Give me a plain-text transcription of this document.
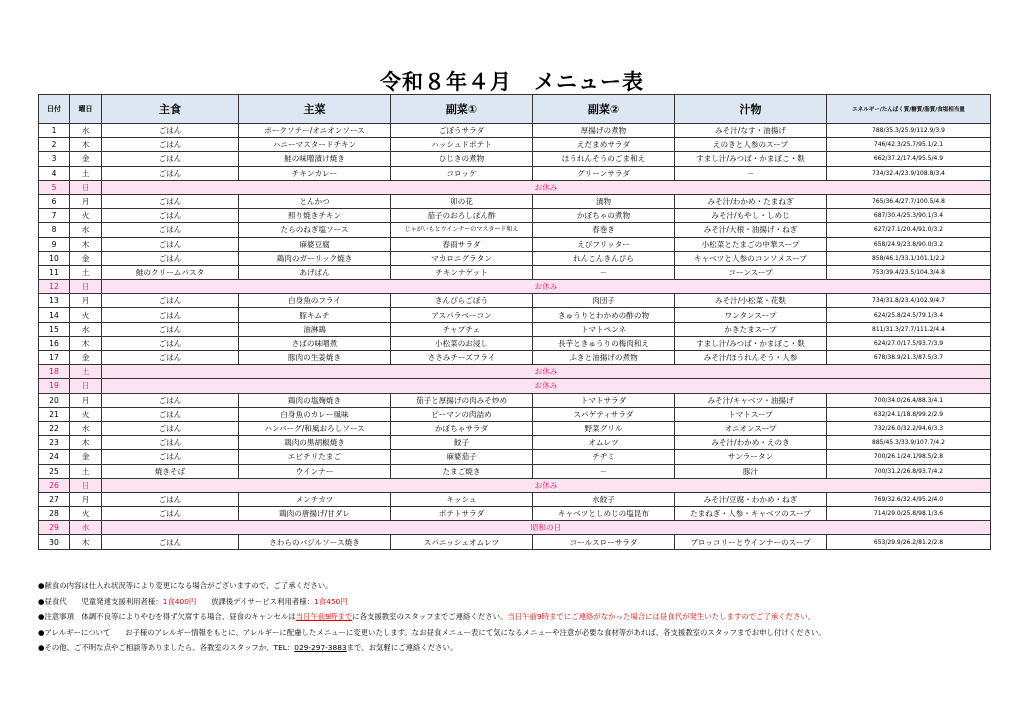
令和８年４月　メニュー表
日付	曜日	主食	主菜	副菜①	副菜②	汁物	エネルギー/たんぱく質/糖質/脂質/食塩相当量
1	水	ごはん	ポークソテー/オニオンソース	ごぼうサラダ	厚揚げの煮物	みそ汁/なす・油揚げ	788/35.3/25.9/112.9/3.9
2	木	ごはん	ハニーマスタードチキン	ハッシュドポテト	えだまめサラダ	えのきと人参のスープ	746/42.3/25.7/95.1/2.1
3	金	ごはん	鮭の味噌漬け焼き	ひじきの煮物	ほうれんそうのごま和え	すまし汁/みつば・かまぼこ・麩	662/37.2/17.4/95.5/4.9
4	土	ごはん	チキンカレー	コロッケ	グリーンサラダ	－	734/32.4/23.9/108.8/3.4
5	日	お休み					
6	月	ごはん	とんかつ	卯の花	漬物	みそ汁/わかめ・たまねぎ	765/36.4/27.7/100.5/4.8
7	火	ごはん	照り焼きチキン	茄子のおろしぽん酢	かぼちゃの煮物	みそ汁/もやし・しめじ	687/30.4/25.3/90.1/3.4
8	水	ごはん	たらのねぎ塩ソース	じゃがいもとウインナーのマスタード和え	春巻き	みそ汁/大根・油揚げ・ねぎ	627/27.1/20.4/91.0/3.2
9	木	ごはん	麻婆豆腐	春雨サラダ	えびフリッター	小松菜とたまごの中華スープ	658/24.9/23.8/90.0/3.2
10	金	ごはん	鶏肉のガーリック焼き	マカロニグラタン	れんこんきんぴら	キャベツと人参のコンソメスープ	858/46.1/33.1/101.1/2.2
11	土	鮭のクリームパスタ	あげぱん	チキンナゲット	－	コーンスープ	753/39.4/23.5/104.3/4.8
12	日	お休み					
13	月	ごはん	白身魚のフライ	きんぴらごぼう	肉団子	みそ汁/小松菜・花麩	734/31.8/23.4/102.9/4.7
14	火	ごはん	豚キムチ	アスパラベーコン	きゅうりとわかめの酢の物	ワンタンスープ	624/25.8/24.5/79.1/3.4
15	水	ごはん	油淋鶏	チャプチェ	トマトペンネ	かきたまスープ	811/31.3/27.7/111.2/4.4
16	木	ごはん	さばの味噌煮	小松菜のお浸し	長芋ときゅうりの梅肉和え	すまし汁/みつば・かまぼこ・麩	624/27.0/17.5/93.7/3.9
17	金	ごはん	豚肉の生姜焼き	ささみチーズフライ	ふきと油揚げの煮物	みそ汁/ほうれんそう・人参	678/38.9/21.3/87.5/3.7
18	土	お休み					
19	日	お休み					
20	月	ごはん	鶏肉の塩麹焼き	茄子と厚揚げの肉みそ炒め	トマトサラダ	みそ汁/キャベツ・油揚げ	700/34.0/26.4/88.3/4.1
21	火	ごはん	白身魚のカレー風味	ピーマンの肉詰め	スパゲティサラダ	トマトスープ	632/24.1/18.8/99.2/2.9
22	水	ごはん	ハンバーグ/和風おろしソース	かぼちゃサラダ	野菜グリル	オニオンスープ	732/26.0/32.2/94.6/3.3
23	木	ごはん	鶏肉の黒胡椒焼き	餃子	オムレツ	みそ汁/わかめ・えのき	885/45.3/33.9/107.7/4.2
24	金	ごはん	エビチリたまご	麻婆茄子	チヂミ	サンラータン	700/26.1/24.1/98.5/2.8
25	土	焼きそば	ウインナー	たまご焼き	－	豚汁	700/31.2/26.8/93.7/4.2
26	日	お休み					
27	月	ごはん	メンチカツ	キッシュ	水餃子	みそ汁/豆腐・わかめ・ねぎ	769/32.6/32.4/95.2/4.0
28	火	ごはん	鶏肉の唐揚げ/甘ダレ	ポテトサラダ	キャベツとしめじの塩昆布	たまねぎ・人参・キャベツのスープ	714/29.0/25.8/98.1/3.6
29	水	昭和の日					
30	木	ごはん	さわらのバジルソース焼き	スパニッシュオムレツ	コールスローサラダ	ブロッコリーとウインナーのスープ	653/29.9/26.2/81.2/2.8
●献食の内容は仕入れ状況等により変更になる場合がございますので、ご了承ください。
●昼食代　　児童発達支援利用者様：1食400円　　放課後デイサービス利用者様：1食450円
●注意事項　体調不良等によりやむを得ず欠席する場合、昼食のキャンセルは当日午前9時までに各支援教室のスタッフまでご連絡ください。当日午前9時までにご連絡がなかった場合には昼食代が発生いたしますのでご了承ください。
●アレルギーについて　　お子様のアレルギー情報をもとに、アレルギーに配慮したメニューに変更いたします。なお昼食メニュー表にて気になるメニューや注意が必要な食材等があれば、各支援教室のスタッフまでお申し付けください。
●その他、ご不明な点やご相談等ありましたら、各教室のスタッフか、TEL：029-297-3883まで、お気軽にご連絡ください。
